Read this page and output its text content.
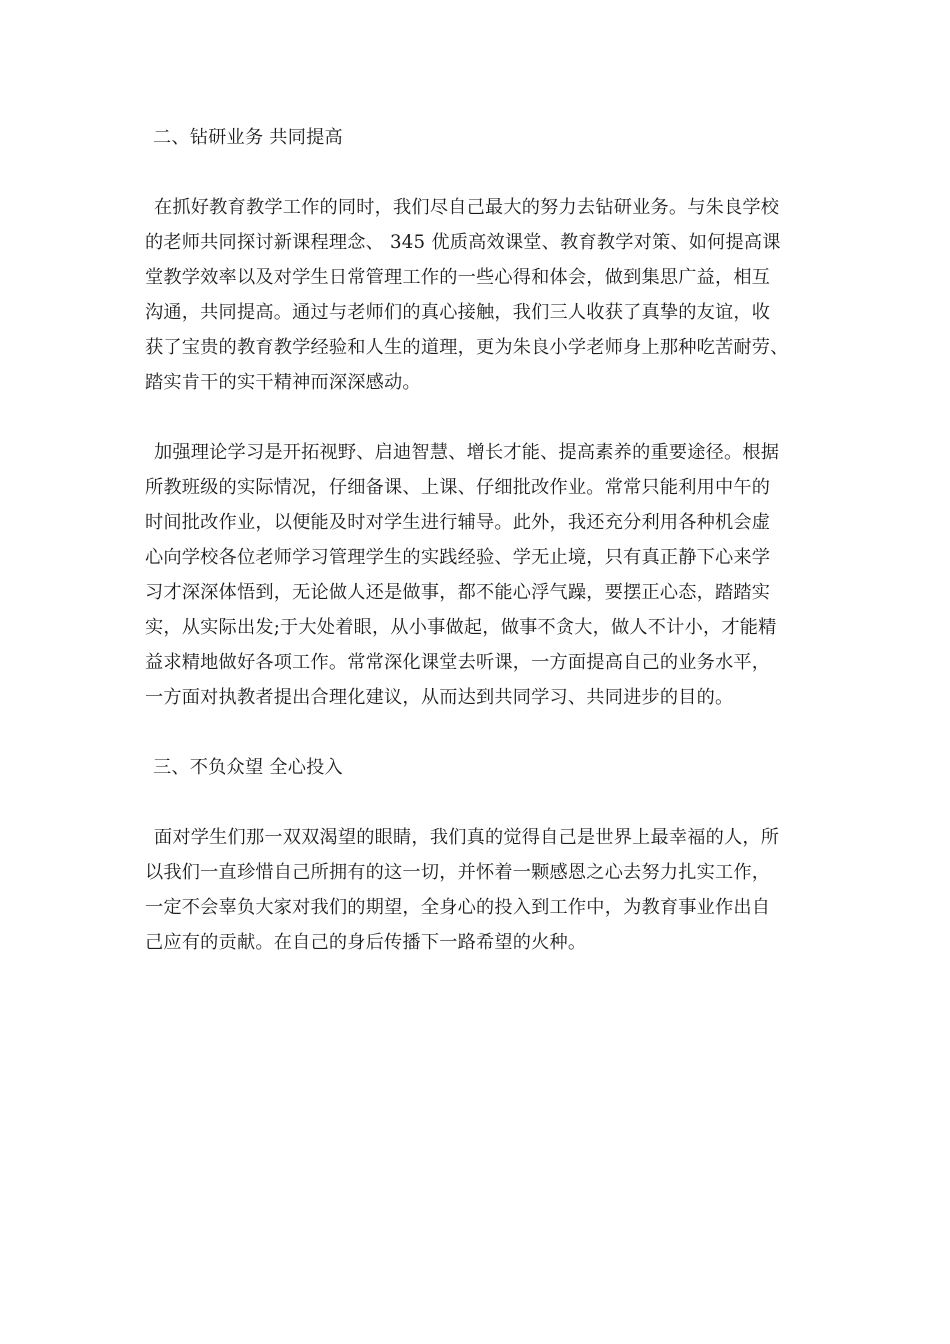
二、钻研业务 共同提高
在抓好教育教学工作的同时，我们尽自己最大的努力去钻研业务。与朱良学校
的老师共同探讨新课程理念、 345 优质高效课堂、教育教学对策、如何提高课
堂教学效率以及对学生日常管理工作的一些心得和体会，做到集思广益，相互
沟通，共同提高。通过与老师们的真心接触，我们三人收获了真挚的友谊，收
获了宝贵的教育教学经验和人生的道理，更为朱良小学老师身上那种吃苦耐劳、
踏实肯干的实干精神而深深感动。
加强理论学习是开拓视野、启迪智慧、增长才能、提高素养的重要途径。根据
所教班级的实际情况，仔细备课、上课、仔细批改作业。常常只能利用中午的
时间批改作业，以便能及时对学生进行辅导。此外，我还充分利用各种机会虚
心向学校各位老师学习管理学生的实践经验、学无止境，只有真正静下心来学
习才深深体悟到，无论做人还是做事，都不能心浮气躁，要摆正心态，踏踏实
实，从实际出发;于大处着眼，从小事做起，做事不贪大，做人不计小，才能精
益求精地做好各项工作。常常深化课堂去听课，一方面提高自己的业务水平，
一方面对执教者提出合理化建议，从而达到共同学习、共同进步的目的。
三、不负众望 全心投入
面对学生们那一双双渴望的眼睛，我们真的觉得自己是世界上最幸福的人，所
以我们一直珍惜自己所拥有的这一切，并怀着一颗感恩之心去努力扎实工作，
一定不会辜负大家对我们的期望，全身心的投入到工作中，为教育事业作出自
己应有的贡献。在自己的身后传播下一路希望的火种。
